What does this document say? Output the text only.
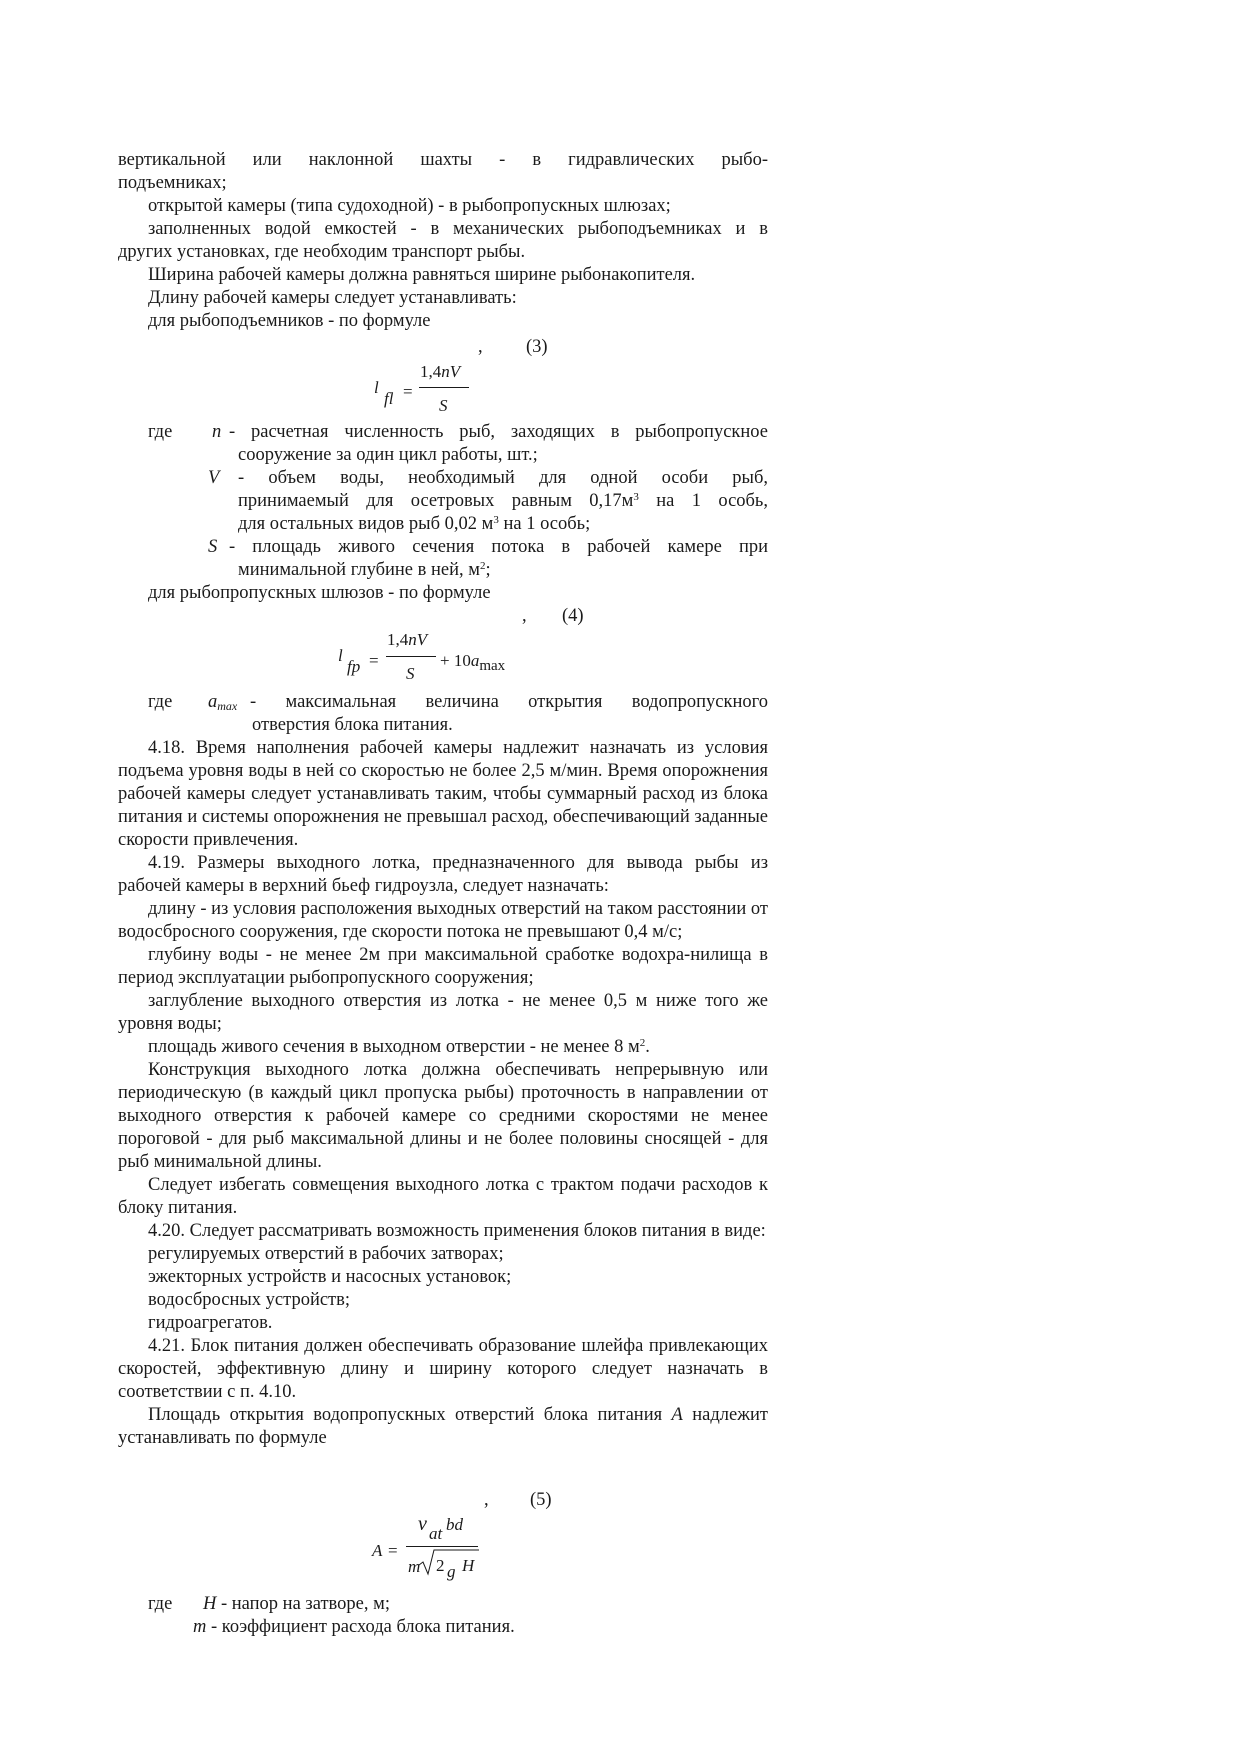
вертикальной или наклонной шахты - в гидравлических рыбо-

подъемниках;

открытой камеры (типа судоходной) - в рыбопропускных шлюзах;

заполненных водой емкостей - в механических рыбоподъемниках и в

других установках, где необходим транспорт рыбы.

Ширина рабочей камеры должна равняться ширине рыбонакопителя.

Длину рабочей камеры следует устанавливать:

для рыбоподъемников - по формуле

, (3)
l
fl =
1,4nV
S
где n - расчетная численность рыб, заходящих в рыбопропускное
сооружение за один цикл работы, шт.;
V - объем воды, необходимый для одной особи рыб,
принимаемый для осетровых равным $0,17м^3$ на 1 особь,
для остальных видов рыб 0,02 $м^3$ на 1 особь;
S - площадь живого сечения потока в рабочей камере при
минимальной глубине в ней, $м^2$;
для рыбопропускных шлюзов - по формуле
, (4)
l
fp =
1,4nV
S
+ 10amax
где amax - максимальная величина открытия водопропускного
отверстия блока питания.

4.18. Время наполнения рабочей камеры надлежит назначать из условия подъема уровня воды в ней со скоростью не более 2,5 м/мин. Время опорожнения рабочей камеры следует устанавливать таким, чтобы суммарный расход из блока питания и системы опорожнения не превышал расход, обеспечивающий заданные скорости привлечения.

4.19. Размеры выходного лотка, предназначенного для вывода рыбы из рабочей камеры в верхний бьеф гидроузла, следует назначать:

длину - из условия расположения выходных отверстий на таком расстоянии от водосбросного сооружения, где скорости потока не превышают 0,4 м/с;

глубину воды - не менее 2м при максимальной сработке водохра-нилища в период эксплуатации рыбопропускного сооружения;

заглубление выходного отверстия из лотка - не менее 0,5 м ниже того же уровня воды;

площадь живого сечения в выходном отверстии - не менее 8 $м^2$.

Конструкция выходного лотка должна обеспечивать непрерывную или периодическую (в каждый цикл пропуска рыбы) проточность в направлении от выходного отверстия к рабочей камере со средними скоростями не менее пороговой - для рыб максимальной длины и не более половины сносящей - для рыб минимальной длины.

Следует избегать совмещения выходного лотка с трактом подачи расходов к блоку питания.

4.20. Следует рассматривать возможность применения блоков питания в виде:

регулируемых отверстий в рабочих затворах;

эжекторных устройств и насосных установок;

водосбросных устройств;

гидроагрегатов.

4.21. Блок питания должен обеспечивать образование шлейфа привлекающих скоростей, эффективную длину и ширину которого следует назначать в соответствии с п. 4.10.

Площадь открытия водопропускных отверстий блока питания A надлежит устанавливать по формуле

, (5)
A =
v at bd
m 2 g H
где H - напор на затворе, м;
m - коэффициент расхода блока питания.
